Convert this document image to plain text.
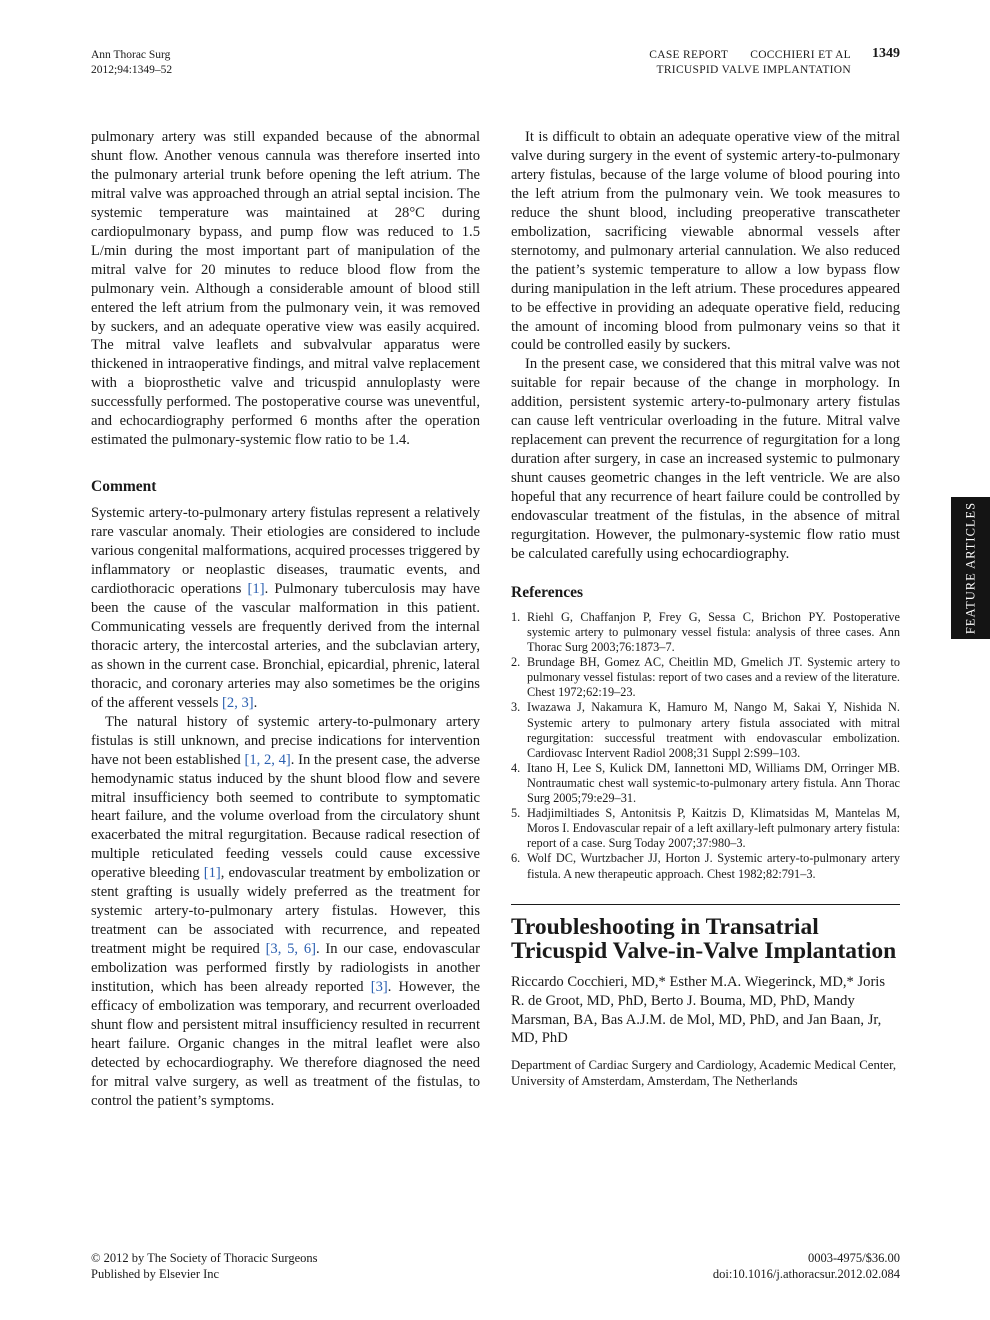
Ann Thorac Surg
2012;94:1349–52
CASE REPORT COCCHIERI ET AL
TRICUSPID VALVE IMPLANTATION
1349

pulmonary artery was still expanded because of the abnormal shunt flow. Another venous cannula was therefore inserted into the pulmonary arterial trunk before opening the left atrium. The mitral valve was approached through an atrial septal incision. The systemic temperature was maintained at 28°C during cardiopulmonary bypass, and pump flow was reduced to 1.5 L/min during the most important part of manipulation of the mitral valve for 20 minutes to reduce blood flow from the pulmonary vein. Although a considerable amount of blood still entered the left atrium from the pulmonary vein, it was removed by suckers, and an adequate operative view was easily acquired. The mitral valve leaflets and subvalvular apparatus were thickened in intraoperative findings, and mitral valve replacement with a bioprosthetic valve and tricuspid annuloplasty were successfully performed. The postoperative course was uneventful, and echocardiography performed 6 months after the operation estimated the pulmonary-systemic flow ratio to be 1.4.

Comment

Systemic artery-to-pulmonary artery fistulas represent a relatively rare vascular anomaly. Their etiologies are considered to include various congenital malformations, acquired processes triggered by inflammatory or neoplastic diseases, traumatic events, and cardiothoracic operations [1]. Pulmonary tuberculosis may have been the cause of the vascular malformation in this patient. Communicating vessels are frequently derived from the internal thoracic artery, the intercostal arteries, and the subclavian artery, as shown in the current case. Bronchial, epicardial, phrenic, lateral thoracic, and coronary arteries may also sometimes be the origins of the afferent vessels [2, 3].

The natural history of systemic artery-to-pulmonary artery fistulas is still unknown, and precise indications for intervention have not been established [1, 2, 4]. In the present case, the adverse hemodynamic status induced by the shunt blood flow and severe mitral insufficiency both seemed to contribute to symptomatic heart failure, and the volume overload from the circulatory shunt exacerbated the mitral regurgitation. Because radical resection of multiple reticulated feeding vessels could cause excessive operative bleeding [1], endovascular treatment by embolization or stent grafting is usually widely preferred as the treatment for systemic artery-to-pulmonary artery fistulas. However, this treatment can be associated with recurrence, and repeated treatment might be required [3, 5, 6]. In our case, endovascular embolization was performed firstly by radiologists in another institution, which has been already reported [3]. However, the efficacy of embolization was temporary, and recurrent overloaded shunt flow and persistent mitral insufficiency resulted in recurrent heart failure. Organic changes in the mitral leaflet were also detected by echocardiography. We therefore diagnosed the need for mitral valve surgery, as well as treatment of the fistulas, to control the patient’s symptoms.

It is difficult to obtain an adequate operative view of the mitral valve during surgery in the event of systemic artery-to-pulmonary artery fistulas, because of the large volume of blood pouring into the left atrium from the pulmonary vein. We took measures to reduce the shunt blood, including preoperative transcatheter embolization, sacrificing viewable abnormal vessels after sternotomy, and pulmonary arterial cannulation. We also reduced the patient’s systemic temperature to allow a low bypass flow during manipulation in the left atrium. These procedures appeared to be effective in providing an adequate operative field, reducing the amount of incoming blood from pulmonary veins so that it could be controlled easily by suckers.

In the present case, we considered that this mitral valve was not suitable for repair because of the change in morphology. In addition, persistent systemic artery-to-pulmonary artery fistulas can cause left ventricular overloading in the future. Mitral valve replacement can prevent the recurrence of regurgitation for a long duration after surgery, in case an increased systemic to pulmonary shunt causes geometric changes in the left ventricle. We are also hopeful that any recurrence of heart failure could be controlled by endovascular treatment of the fistulas, in the absence of mitral regurgitation. However, the pulmonary-systemic flow ratio must be calculated carefully using echocardiography.

References
1. Riehl G, Chaffanjon P, Frey G, Sessa C, Brichon PY. Postoperative systemic artery to pulmonary vessel fistula: analysis of three cases. Ann Thorac Surg 2003;76:1873–7.
2. Brundage BH, Gomez AC, Cheitlin MD, Gmelich JT. Systemic artery to pulmonary vessel fistulas: report of two cases and a review of the literature. Chest 1972;62:19–23.
3. Iwazawa J, Nakamura K, Hamuro M, Nango M, Sakai Y, Nishida N. Systemic artery to pulmonary artery fistula associated with mitral regurgitation: successful treatment with endovascular embolization. Cardiovasc Intervent Radiol 2008;31 Suppl 2:S99–103.
4. Itano H, Lee S, Kulick DM, Iannettoni MD, Williams DM, Orringer MB. Nontraumatic chest wall systemic-to-pulmonary artery fistula. Ann Thorac Surg 2005;79:e29–31.
5. Hadjimiltiades S, Antonitsis P, Kaitzis D, Klimatsidas M, Mantelas M, Moros I. Endovascular repair of a left axillary-left pulmonary artery fistula: report of a case. Surg Today 2007;37:980–3.
6. Wolf DC, Wurtzbacher JJ, Horton J. Systemic artery-to-pulmonary artery fistula. A new therapeutic approach. Chest 1982;82:791–3.
Troubleshooting in Transatrial Tricuspid Valve-in-Valve Implantation

Riccardo Cocchieri, MD,* Esther M.A. Wiegerinck, MD,* Joris R. de Groot, MD, PhD, Berto J. Bouma, MD, PhD, Mandy Marsman, BA, Bas A.J.M. de Mol, MD, PhD, and Jan Baan, Jr, MD, PhD

Department of Cardiac Surgery and Cardiology, Academic Medical Center, University of Amsterdam, Amsterdam, The Netherlands

FEATURE ARTICLES
© 2012 by The Society of Thoracic Surgeons
Published by Elsevier Inc
0003-4975/$36.00
doi:10.1016/j.athoracsur.2012.02.084
